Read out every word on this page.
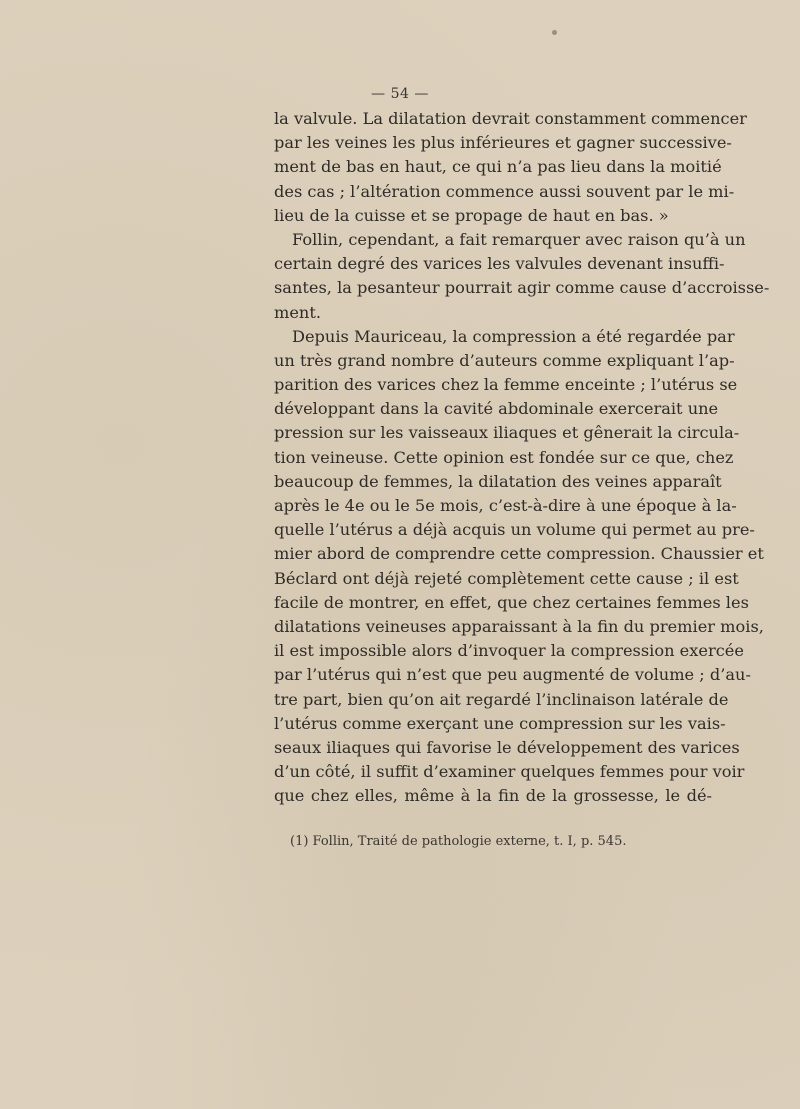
— 54 —
la valvule. La dilatation devrait constamment commencer
par les veines les plus inférieures et gagner successive-
ment de bas en haut, ce qui n’a pas lieu dans la moitié
des cas ; l’altération commence aussi souvent par le mi-
lieu de la cuisse et se propage de haut en bas. »
Follin, cependant, a fait remarquer avec raison qu’à un
certain degré des varices les valvules devenant insuffi-
santes, la pesanteur pourrait agir comme cause d’accroisse-
ment.
Depuis Mauriceau, la compression a été regardée par
un très grand nombre d’auteurs comme expliquant l’ap-
parition des varices chez la femme enceinte ; l’utérus se
développant dans la cavité abdominale exercerait une
pression sur les vaisseaux iliaques et gênerait la circula-
tion veineuse. Cette opinion est fondée sur ce que, chez
beaucoup de femmes, la dilatation des veines apparaît
après le 4e ou le 5e mois, c’est-à-dire à une époque à la-
quelle l’utérus a déjà acquis un volume qui permet au pre-
mier abord de comprendre cette compression. Chaussier et
Béclard ont déjà rejeté complètement cette cause ; il est
facile de montrer, en effet, que chez certaines femmes les
dilatations veineuses apparaissant à la fin du premier mois,
il est impossible alors d’invoquer la compression exercée
par l’utérus qui n’est que peu augmenté de volume ; d’au-
tre part, bien qu’on ait regardé l’inclinaison latérale de
l’utérus comme exerçant une compression sur les vais-
seaux iliaques qui favorise le développement des varices
d’un côté, il suffit d’examiner quelques femmes pour voir
que chez elles, même à la fin de la grossesse, le dé-
(1) Follin, Traité de pathologie externe, t. I, p. 545.
